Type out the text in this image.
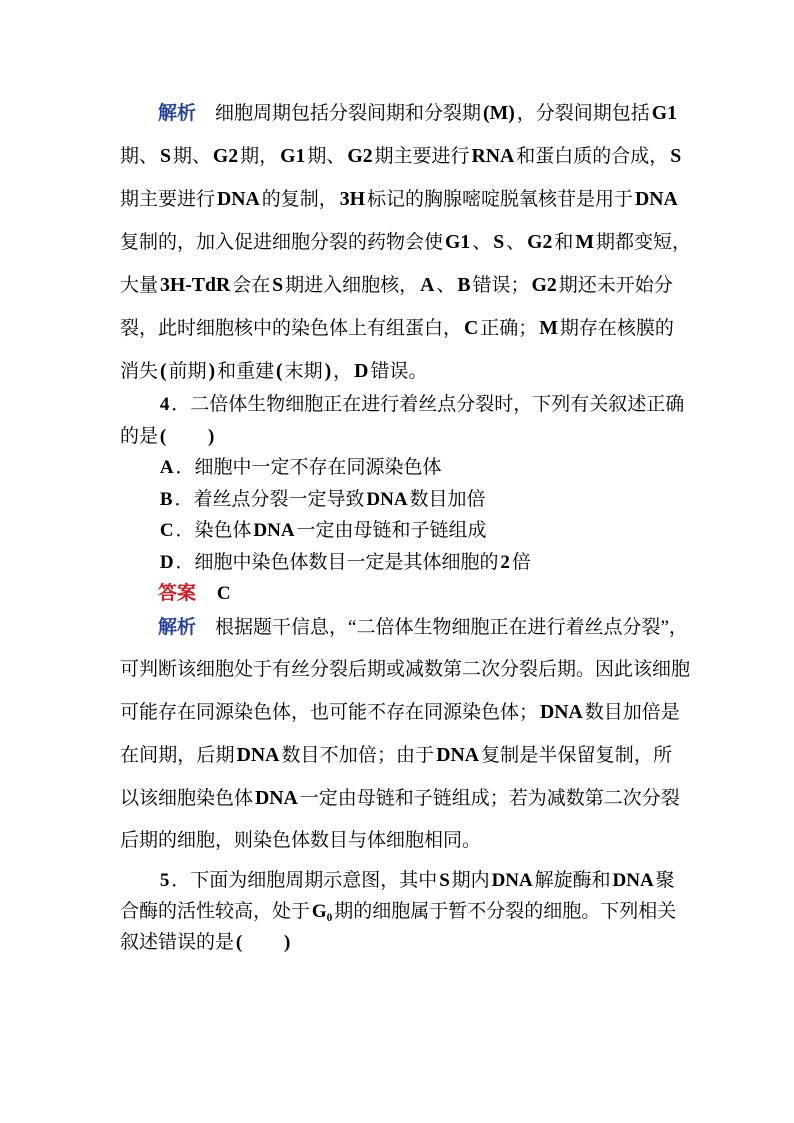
解析 细胞周期包括分裂间期和分裂期(M) ，分裂间期包括G1
期、S 期、G2 期，G1 期、G2 期主要进行RNA 和蛋白质的合成，S
期主要进行DNA 的复制，3H 标记的胸腺嘧啶脱氧核苷是用于DNA
复制的，加入促进细胞分裂的药物会使G1 、S 、G2 和M 期都变短，
大量3H-TdR 会在S 期进入细胞核，A 、B 错误；G2 期还未开始分
裂，此时细胞核中的染色体上有组蛋白，C 正确；M 期存在核膜的
消失( 前期) 和重建( 末期) ，D 错误。
4．二倍体生物细胞正在进行着丝点分裂时，下列有关叙述正确
的是(　　 )
A．细胞中一定不存在同源染色体
B．着丝点分裂一定导致DNA数目加倍
C．染色体DNA一定由母链和子链组成
D．细胞中染色体数目一定是其体细胞的2倍
答案 C
解析 根据题干信息，“二倍体生物细胞正在进行着丝点分裂”，
可判断该细胞处于有丝分裂后期或减数第二次分裂后期。因此该细胞
可能存在同源染色体，也可能不存在同源染色体；DNA 数目加倍是
在间期，后期DNA 数目不加倍；由于DNA 复制是半保留复制，所
以该细胞染色体DNA 一定由母链和子链组成；若为减数第二次分裂
后期的细胞，则染色体数目与体细胞相同。
5．下面为细胞周期示意图，其中S期内DNA解旋酶和DNA聚
合酶的活性较高，处于G₀期的细胞属于暂不分裂的细胞。下列相关
叙述错误的是(　　 )
